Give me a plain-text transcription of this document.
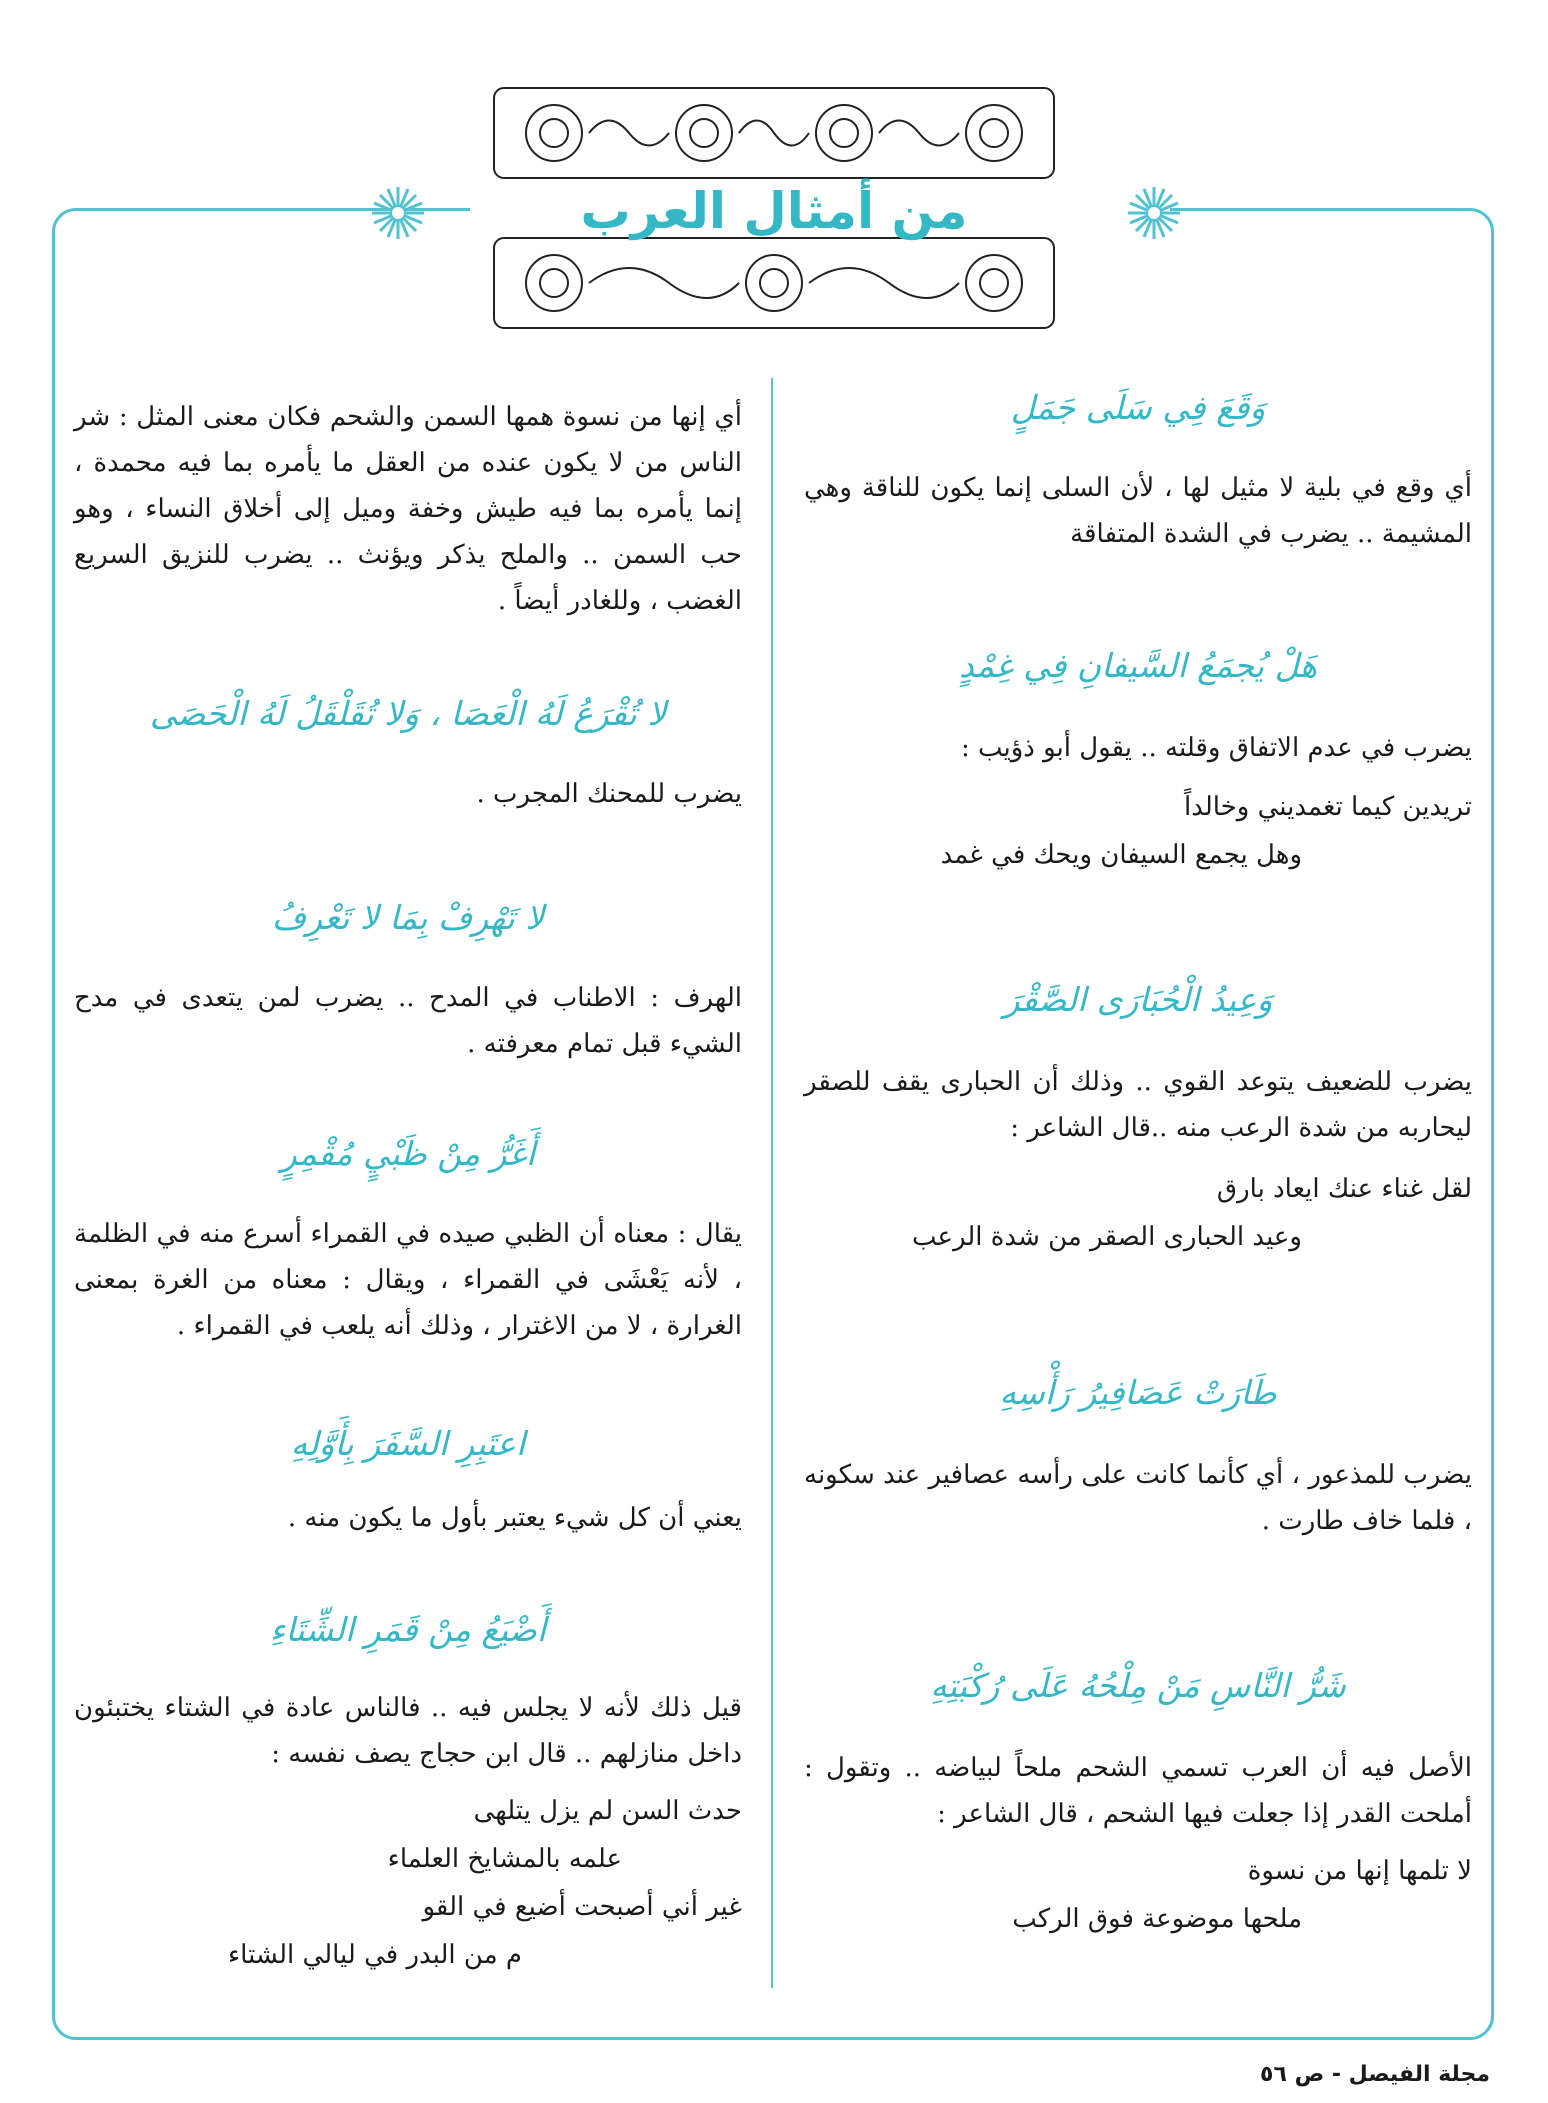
من أمثال العرب

وَقَعَ فِي سَلَى جَمَلٍ

أي وقع في بلية لا مثيل لها ، لأن السلى إنما يكون للناقة وهي المشيمة .. يضرب في الشدة المتفاقة

هَلْ يُجمَعُ السَّيفانِ فِي غِمْدٍ

يضرب في عدم الاتفاق وقلته .. يقول أبو ذؤيب :

تريدين كيما تغمديني وخالداً
وهل يجمع السيفان ويحك في غمد

وَعِيدُ الْحُبَارَى الصَّقْرَ

يضرب للضعيف يتوعد القوي .. وذلك أن الحبارى يقف للصقر ليحاربه من شدة الرعب منه ..قال الشاعر :

لقل غناء عنك ايعاد بارق
وعيد الحبارى الصقر من شدة الرعب

طَارَتْ عَصَافِيرُ رَأْسِهِ

يضرب للمذعور ، أي كأنما كانت على رأسه عصافير عند سكونه ، فلما خاف طارت .

شَرُّ النَّاسِ مَنْ مِلْحُهُ عَلَى رُكْبَتِهِ

الأصل فيه أن العرب تسمي الشحم ملحاً لبياضه .. وتقول : أملحت القدر إذا جعلت فيها الشحم ، قال الشاعر :

لا تلمها إنها من نسوة
ملحها موضوعة فوق الركب

أي إنها من نسوة همها السمن والشحم فكان معنى المثل : شر الناس من لا يكون عنده من العقل ما يأمره بما فيه محمدة ، إنما يأمره بما فيه طيش وخفة وميل إلى أخلاق النساء ، وهو حب السمن .. والملح يذكر ويؤنث .. يضرب للنزيق السريع الغضب ، وللغادر أيضاً .

لا تُقْرَعُ لَهُ الْعَصَا ، وَلا تُقَلْقَلُ لَهُ الْحَصَى

يضرب للمحنك المجرب .

لا تَهْرِفْ بِمَا لا تَعْرِفُ

الهرف : الاطناب في المدح .. يضرب لمن يتعدى في مدح الشيء قبل تمام معرفته .

أَغَرُّ مِنْ ظَبْيٍ مُقْمِرٍ

يقال : معناه أن الظبي صيده في القمراء أسرع منه في الظلمة ، لأنه يَعْشَى في القمراء ، ويقال : معناه من الغرة بمعنى الغرارة ، لا من الاغترار ، وذلك أنه يلعب في القمراء .

اعتَبِرِ السَّفَرَ بِأَوَّلِهِ

يعني أن كل شيء يعتبر بأول ما يكون منه .

أَضْيَعُ مِنْ قَمَرِ الشِّتَاءِ

قيل ذلك لأنه لا يجلس فيه .. فالناس عادة في الشتاء يختبئون داخل منازلهم .. قال ابن حجاج يصف نفسه :

حدث السن لم يزل يتلهى
علمه بالمشايخ العلماء
غير أني أصبحت أضيع في القو
م من البدر في ليالي الشتاء

مجلة الفيصل - ص ٥٦
